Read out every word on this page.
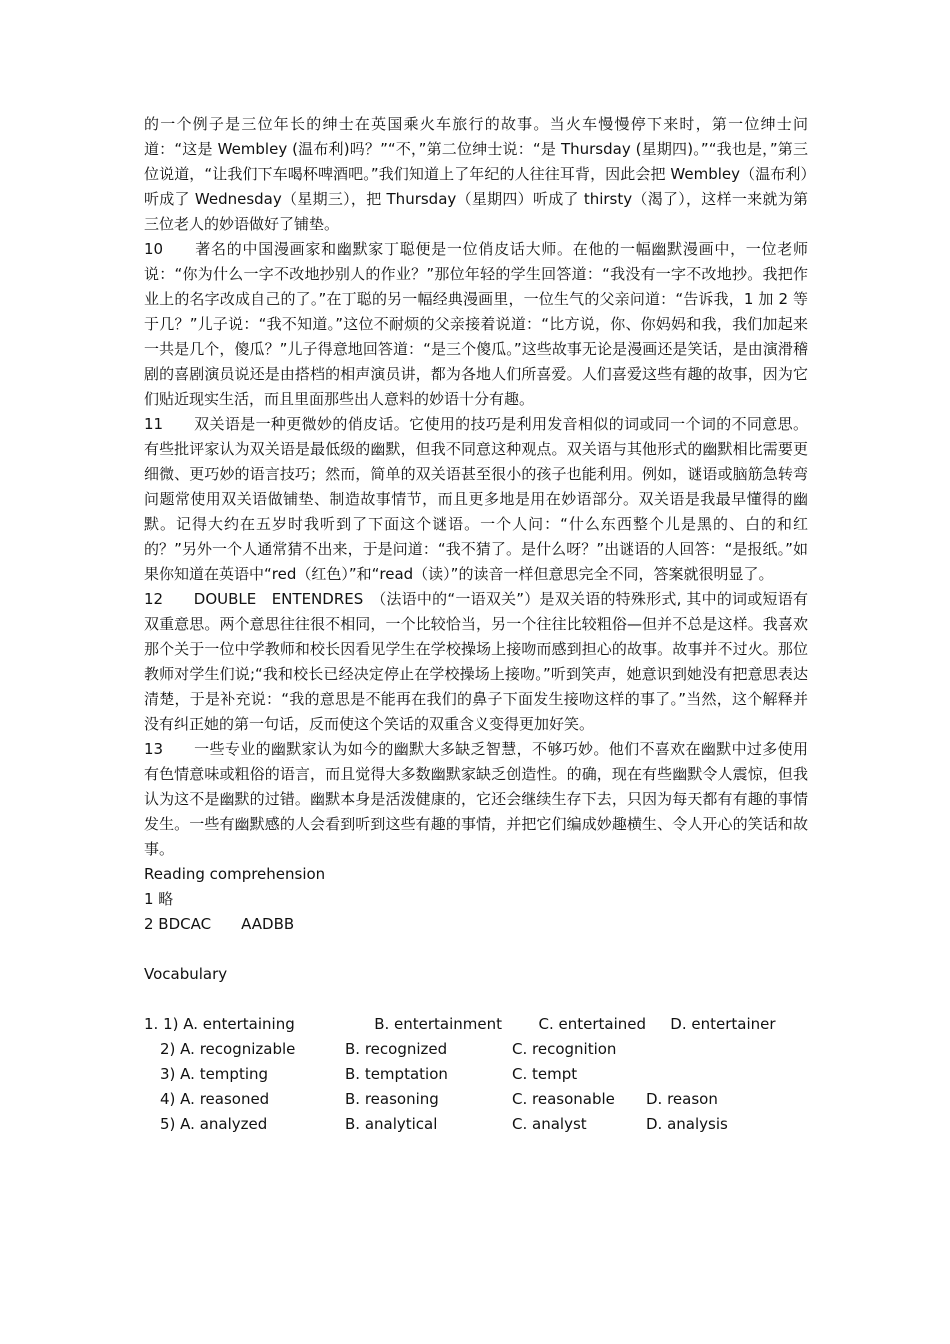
的一个例子是三位年长的绅士在英国乘火车旅行的故事。当火车慢慢停下来时，第一位绅士问道：“这是 Wembley (温布利)吗？”“不，”第二位绅士说：“是 Thursday (星期四)。”“我也是，”第三位说道，“让我们下车喝杯啤酒吧。”我们知道上了年纪的人往往耳背，因此会把 Wembley（温布利）听成了 Wednesday（星期三），把 Thursday（星期四）听成了 thirsty（渴了），这样一来就为第三位老人的妙语做好了铺垫。

10　　著名的中国漫画家和幽默家丁聪便是一位俏皮话大师。在他的一幅幽默漫画中，一位老师说：“你为什么一字不改地抄别人的作业？”那位年轻的学生回答道：“我没有一字不改地抄。我把作业上的名字改成自己的了。”在丁聪的另一幅经典漫画里，一位生气的父亲问道：“告诉我，1 加 2 等于几？”儿子说：“我不知道。”这位不耐烦的父亲接着说道：“比方说，你、你妈妈和我，我们加起来一共是几个，傻瓜？”儿子得意地回答道：“是三个傻瓜。”这些故事无论是漫画还是笑话，是由演滑稽剧的喜剧演员说还是由搭档的相声演员讲，都为各地人们所喜爱。人们喜爱这些有趣的故事，因为它们贴近现实生活，而且里面那些出人意料的妙语十分有趣。

11　　双关语是一种更微妙的俏皮话。它使用的技巧是利用发音相似的词或同一个词的不同意思。有些批评家认为双关语是最低级的幽默，但我不同意这种观点。双关语与其他形式的幽默相比需要更细微、更巧妙的语言技巧；然而，简单的双关语甚至很小的孩子也能利用。例如，谜语或脑筋急转弯问题常使用双关语做铺垫、制造故事情节，而且更多地是用在妙语部分。双关语是我最早懂得的幽默。记得大约在五岁时我听到了下面这个谜语。一个人问：“什么东西整个儿是黑的、白的和红的？”另外一个人通常猜不出来，于是问道：“我不猜了。是什么呀？”出谜语的人回答：“是报纸。”如果你知道在英语中“red（红色）”和“read（读）”的读音一样但意思完全不同，答案就很明显了。

12　　DOUBLE　ENTENDRES　（法语中的“一语双关”）是双关语的特殊形式, 其中的词或短语有双重意思。两个意思往往很不相同，一个比较恰当，另一个往往比较粗俗—但并不总是这样。我喜欢那个关于一位中学教师和校长因看见学生在学校操场上接吻而感到担心的故事。故事并不过火。那位教师对学生们说;“我和校长已经决定停止在学校操场上接吻。”听到笑声，她意识到她没有把意思表达清楚，于是补充说：“我的意思是不能再在我们的鼻子下面发生接吻这样的事了。”当然，这个解释并没有纠正她的第一句话，反而使这个笑话的双重含义变得更加好笑。

13　　一些专业的幽默家认为如今的幽默大多缺乏智慧，不够巧妙。他们不喜欢在幽默中过多使用有色情意味或粗俗的语言，而且觉得大多数幽默家缺乏创造性。的确，现在有些幽默令人震惊，但我认为这不是幽默的过错。幽默本身是活泼健康的，它还会继续生存下去，只因为每天都有有趣的事情发生。一些有幽默感的人会看到听到这些有趣的事情，并把它们编成妙趣横生、令人开心的笑话和故事。

Reading comprehension

1 略

2 BDCAC　　AADBB

Vocabulary

1. 1) A. entertaining	B. entertainment	C. entertained	D. entertainer
2) A. recognizable	B. recognized	C. recognition
3) A. tempting	B. temptation	C. tempt
4) A. reasoned	B. reasoning	C. reasonable	D. reason
5) A. analyzed	B. analytical	C. analyst	D. analysis
